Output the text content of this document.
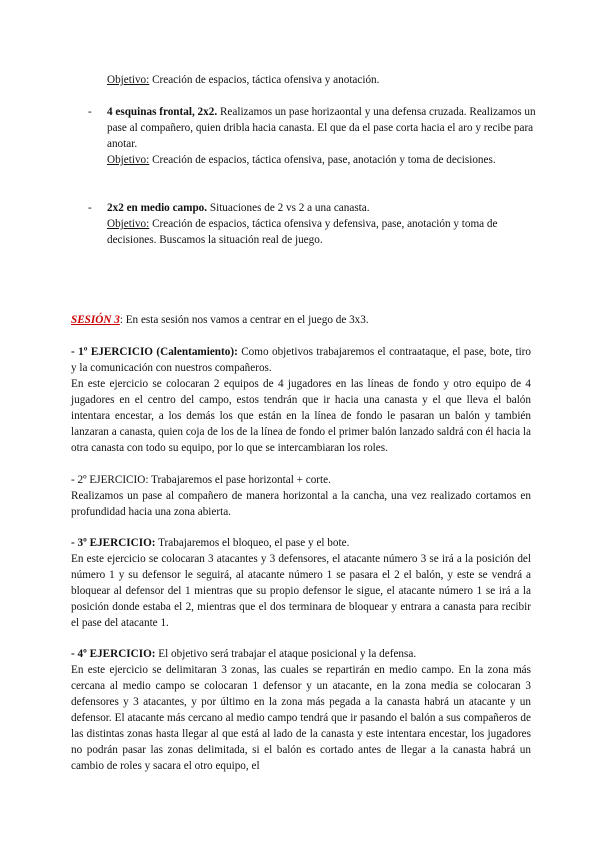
Objetivo: Creación de espacios, táctica ofensiva y anotación.
- 4 esquinas frontal, 2x2. Realizamos un pase horizaontal y una defensa cruzada. Realizamos un pase al compañero, quien dribla hacia canasta. El que da el pase corta hacia el aro y recibe para anotar.
Objetivo: Creación de espacios, táctica ofensiva, pase, anotación y toma de decisiones.
- 2x2 en medio campo. Situaciones de 2 vs 2 a una canasta.
Objetivo: Creación de espacios, táctica ofensiva y defensiva, pase, anotación y toma de decisiones. Buscamos la situación real de juego.
SESIÓN 3: En esta sesión nos vamos a centrar en el juego de 3x3.
- 1º EJERCICIO (Calentamiento): Como objetivos trabajaremos el contraataque, el pase, bote, tiro y la comunicación con nuestros compañeros.
En este ejercicio se colocaran 2 equipos de 4 jugadores en las líneas de fondo y otro equipo de 4 jugadores en el centro del campo, estos tendrán que ir hacia una canasta y el que lleva el balón intentara encestar, a los demás los que están en la línea de fondo le pasaran un balón y también lanzaran a canasta, quien coja de los de la línea de fondo el primer balón lanzado saldrá con él hacia la otra canasta con todo su equipo, por lo que se intercambiaran los roles.
- 2º EJERCICIO: Trabajaremos el pase horizontal + corte.
Realizamos un pase al compañero de manera horizontal a la cancha, una vez realizado cortamos en profundidad hacia una zona abierta.
- 3º EJERCICIO: Trabajaremos el bloqueo, el pase y el bote.
En este ejercicio se colocaran 3 atacantes y 3 defensores, el atacante número 3 se irá a la posición del número 1 y su defensor le seguirá, al atacante número 1 se pasara el 2 el balón, y este se vendrá a bloquear al defensor del 1 mientras que su propio defensor le sigue, el atacante número 1 se irá a la posición donde estaba el 2, mientras que el dos terminara de bloquear y entrara a canasta para recibir el pase del atacante 1.
- 4º EJERCICIO: El objetivo será trabajar el ataque posicional y la defensa.
En este ejercicio se delimitaran 3 zonas, las cuales se repartirán en medio campo. En la zona más cercana al medio campo se colocaran 1 defensor y un atacante, en la zona media se colocaran 3 defensores y 3 atacantes, y por último en la zona más pegada a la canasta habrá un atacante y un defensor. El atacante más cercano al medio campo tendrá que ir pasando el balón a sus compañeros de las distintas zonas hasta llegar al que está al lado de la canasta y este intentara encestar, los jugadores no podrán pasar las zonas delimitada, si el balón es cortado antes de llegar a la canasta habrá un cambio de roles y sacara el otro equipo, el
